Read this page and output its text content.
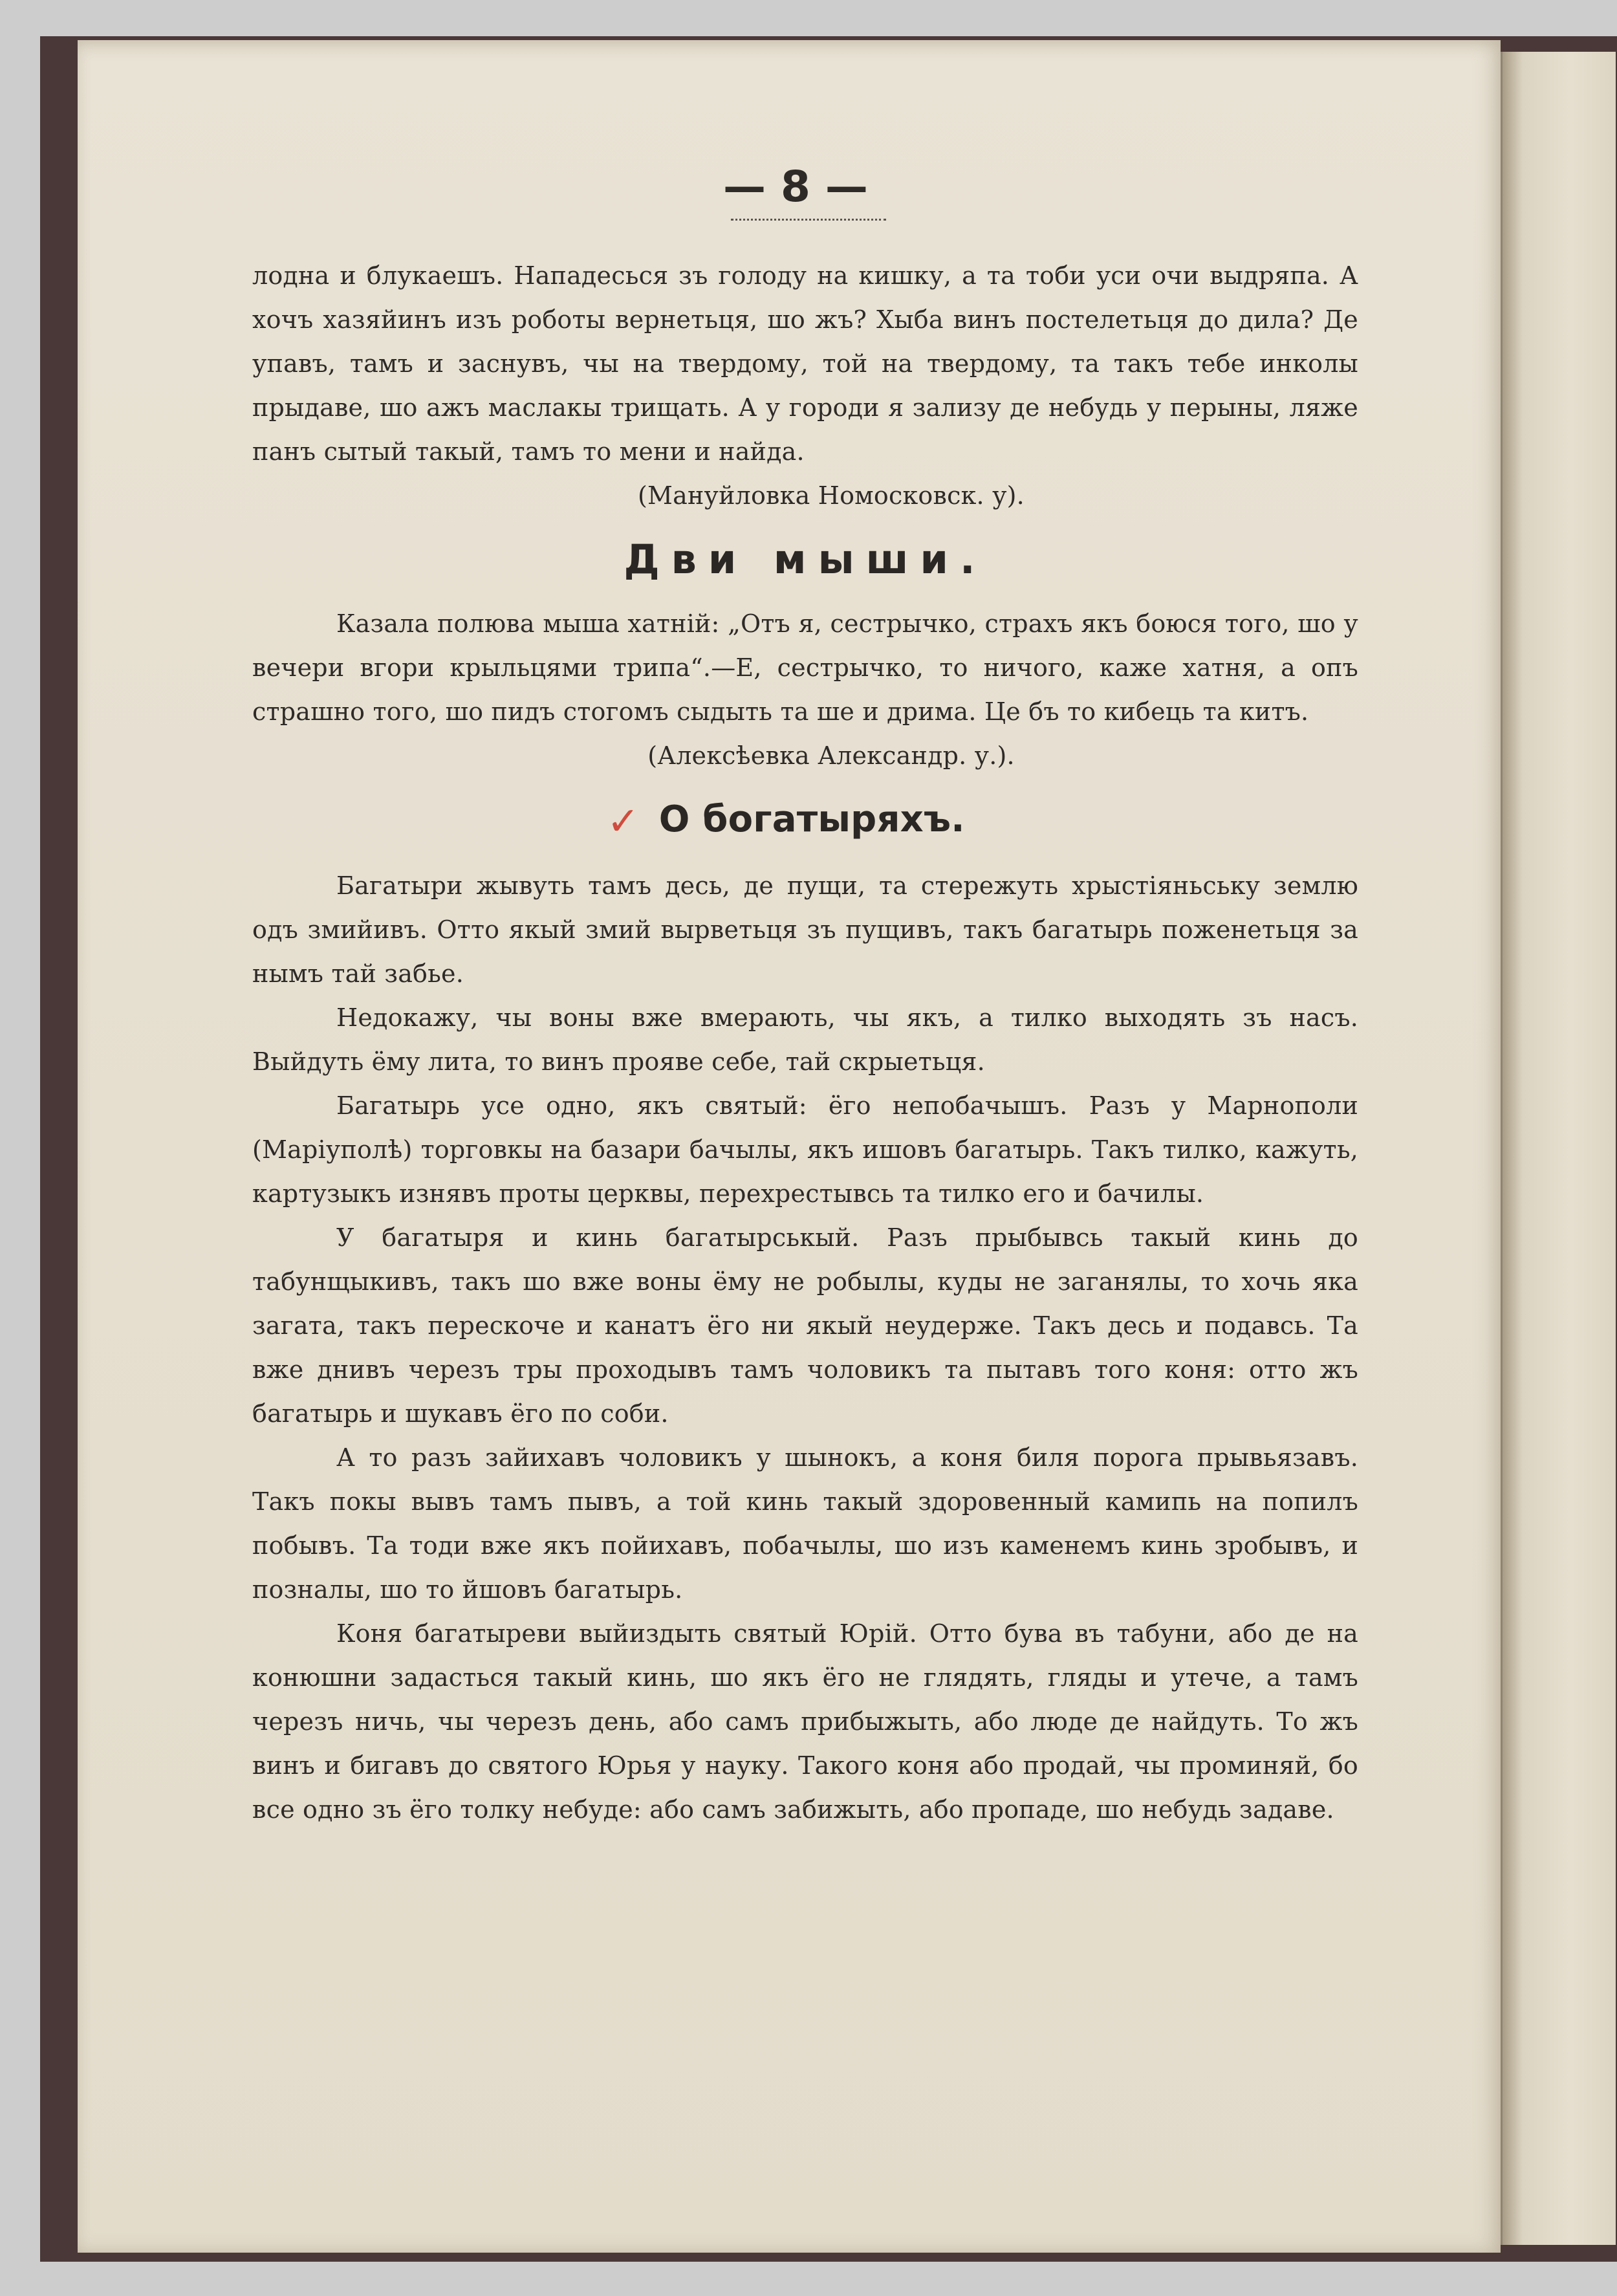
— 8 —

лодна и блукаешъ. Нападесься зъ голоду на кишку, а та тоби уси очи выдряпа. А хочъ хазяйинъ изъ роботы вернетьця, шо жъ? Хыба винъ постелетьця до дила? Де упавъ, тамъ и заснувъ, чы на твердому, той на твердому, та такъ тебе инколы прыдаве, шо ажъ маслакы трищать. А у городи я зализу де небудь у перыны, ляже панъ сытый такый, тамъ то мени и найда.

(Мануйловка Номосковск. у).

Дви мыши.

Казала полюва мыша хатній: „Отъ я, сестрычко, страхъ якъ боюся того, шо у вечери вгори крыльцями трипа“.—Е, сестрычко, то ничого, каже хатня, а опъ страшно того, шо пидъ стогомъ сыдыть та ше и дрима. Це бъ то кибець та китъ.

(Алексѣевка Александр. у.).

✓ О богатыряхъ.

Багатыри жывуть тамъ десь, де пущи, та стережуть хрыстіяньську землю одъ змийивъ. Отто якый змий вырветьця зъ пущивъ, такъ багатырь поженетьця за нымъ тай забье.

Недокажу, чы воны вже вмерають, чы якъ, а тилко выходять зъ насъ. Выйдуть ёму лита, то винъ прояве себе, тай скрыетьця.

Багатырь усе одно, якъ святый: ёго непобачышъ. Разъ у Марнополи (Маріуполѣ) торговкы на базари бачылы, якъ ишовъ багатырь. Такъ тилко, кажуть, картузыкъ изнявъ проты церквы, перехрестывсь та тилко его и бачилы.

У багатыря и кинь багатырськый. Разъ прыбывсь такый кинь до табунщыкивъ, такъ шо вже воны ёму не робылы, куды не заганялы, то хочь яка загата, такъ перескоче и канатъ ёго ни якый неудержe. Такъ десь и подавсь. Та вже днивъ черезъ тры проходывъ тамъ чоловикъ та пытавъ того коня: отто жъ багатырь и шукавъ ёго по соби.

А то разъ зайихавъ чоловикъ у шынокъ, а коня биля порога прывьязавъ. Такъ покы вывъ тамъ пывъ, а той кинь такый здоровенный камипь на попилъ побывъ. Та тоди вже якъ пойихавъ, побачылы, шо изъ каменемъ кинь зробывъ, и познaлы, шо то йшовъ багатырь.

Коня багатыреви выйиздыть святый Юрій. Отто бува въ табуни, або де на конюшни задасться такый кинь, шо якъ ёго не глядять, гляды и утече, а тамъ черезъ ничь, чы черезъ день, або самъ прибыжыть, або люде де найдуть. То жъ винъ и бигавъ до святого Юрья у науку. Такого коня або продай, чы проминяй, бо все одно зъ ёго толку небуде: або самъ забижыть, або пропаде, шо небудь задаве.
